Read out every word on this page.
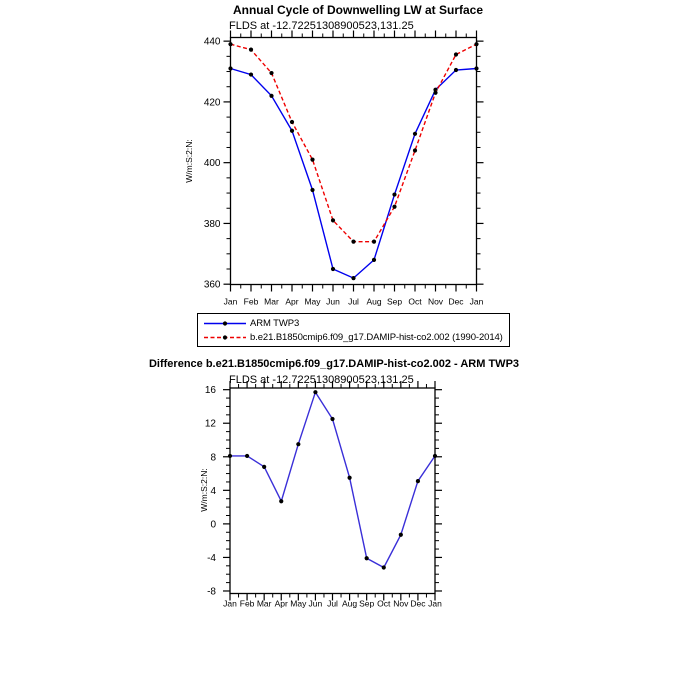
360
380
400
420
440
Jan Feb Mar Apr May Jun Jul Aug Sep Oct Nov Dec Jan
-8
-4
0
4
8
12
16
Jan Feb Mar Apr May Jun Jul Aug Sep Oct Nov Dec Jan
Annual Cycle of Downwelling LW at Surface
FLDS at -12.72251308900523,131.25
W/m:S:2:N:
Difference b.e21.B1850cmip6.f09_g17.DAMIP-hist-co2.002 - ARM TWP3
FLDS at -12.72251308900523,131.25
W/m:S:2:N:
ARM TWP3
b.e21.B1850cmip6.f09_g17.DAMIP-hist-co2.002 (1990-2014)
